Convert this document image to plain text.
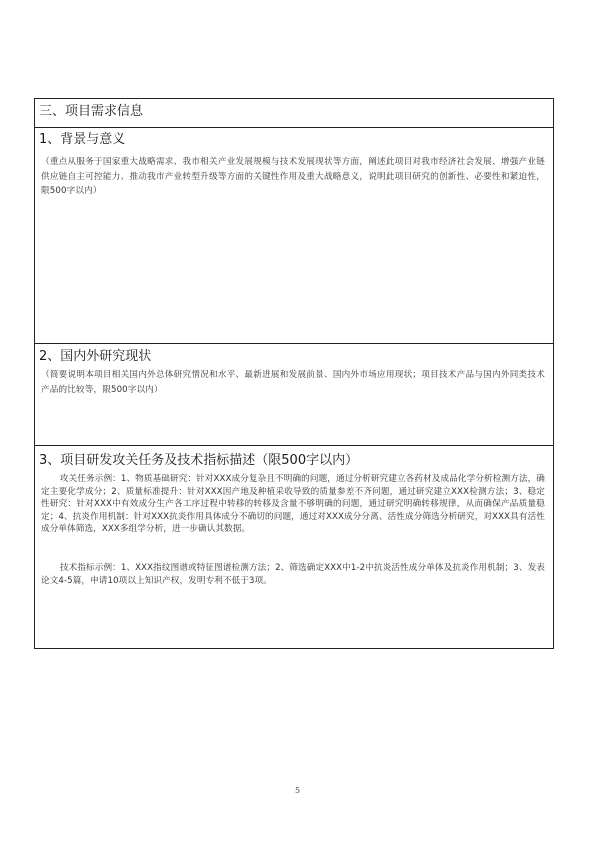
三、项目需求信息
1、背景与意义
（重点从服务于国家重大战略需求、我市相关产业发展规模与技术发展现状等方面，阐述此项目对我市经济社会发展、增强产业链供应链自主可控能力、推动我市产业转型升级等方面的关键性作用及重大战略意义，说明此项目研究的创新性、必要性和紧迫性，限500字以内）
2、国内外研究现状
（简要说明本项目相关国内外总体研究情况和水平、最新进展和发展前景、国内外市场应用现状；项目技术产品与国内外同类技术产品的比较等，限500字以内）
3、项目研发攻关任务及技术指标描述（限500字以内）
攻关任务示例：1、物质基础研究：针对XXX成分复杂且不明确的问题，通过分析研究建立各药材及成品化学分析检测方法，确定主要化学成分；2、质量标准提升：针对XXX因产地及种植采收导致的质量参差不齐问题，通过研究建立XXX检测方法；3、稳定性研究：针对XXX中有效成分生产各工序过程中转移的转移及含量不够明确的问题，通过研究明确转移规律，从而确保产品质量稳定；4、抗炎作用机制：针对XXX抗炎作用具体成分不确切的问题，通过对XXX成分分离、活性成分筛选分析研究，对XXX具有活性成分单体筛选，XXX多组学分析，进一步确认其数据。
技术指标示例：1、XXX指纹图谱或特征图谱检测方法；2、筛选确定XXX中1-2中抗炎活性成分单体及抗炎作用机制；3、发表论文4-5篇，申请10项以上知识产权，发明专利不低于3项。
5
